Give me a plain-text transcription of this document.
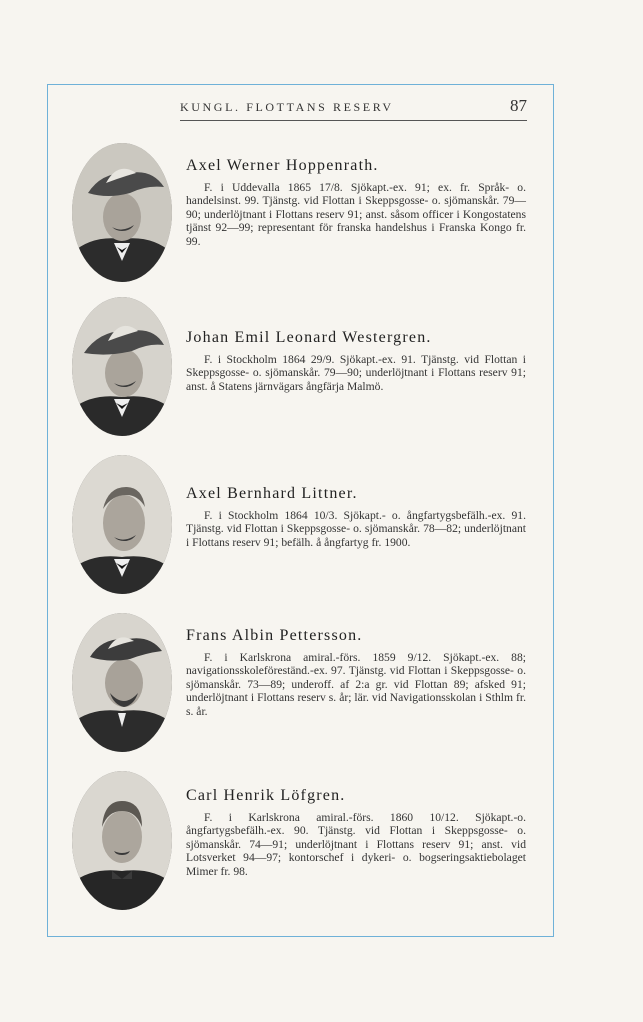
KUNGL. FLOTTANS RESERV	87

Axel Werner Hoppenrath.

F. i Uddevalla 1865 17/8. Sjökapt.-ex. 91; ex. fr. Språk- o. handelsinst. 99. Tjänstg. vid Flottan i Skeppsgosse- o. sjömanskår. 79—90; underlöjtnant i Flottans reserv 91; anst. såsom officer i Kongostatens tjänst 92—99; representant för franska handelshus i Franska Kongo fr. 99.

Johan Emil Leonard Westergren.

F. i Stockholm 1864 29/9. Sjökapt.-ex. 91. Tjänstg. vid Flottan i Skeppsgosse- o. sjömanskår. 79—90; underlöjtnant i Flottans reserv 91; anst. å Statens järnvägars ångfärja Malmö.

Axel Bernhard Littner.

F. i Stockholm 1864 10/3. Sjökapt.- o. ångfartygsbefälh.-ex. 91. Tjänstg. vid Flottan i Skeppsgosse- o. sjömanskår. 78—82; underlöjtnant i Flottans reserv 91; befälh. å ångfartyg fr. 1900.

Frans Albin Pettersson.

F. i Karlskrona amiral.-förs. 1859 9/12. Sjökapt.-ex. 88; navigationsskoleföreständ.-ex. 97. Tjänstg. vid Flottan i Skeppsgosse- o. sjömanskår. 73—89; underoff. af 2:a gr. vid Flottan 89; afsked 91; underlöjtnant i Flottans reserv s. år; lär. vid Navigationsskolan i Sthlm fr. s. år.

Carl Henrik Löfgren.

F. i Karlskrona amiral.-förs. 1860 10/12. Sjökapt.-o. ångfartygsbefälh.-ex. 90. Tjänstg. vid Flottan i Skeppsgosse- o. sjömanskår. 74—91; underlöjtnant i Flottans reserv 91; anst. vid Lotsverket 94—97; kontorschef i dykeri- o. bogseringsaktiebolaget Mimer fr. 98.
